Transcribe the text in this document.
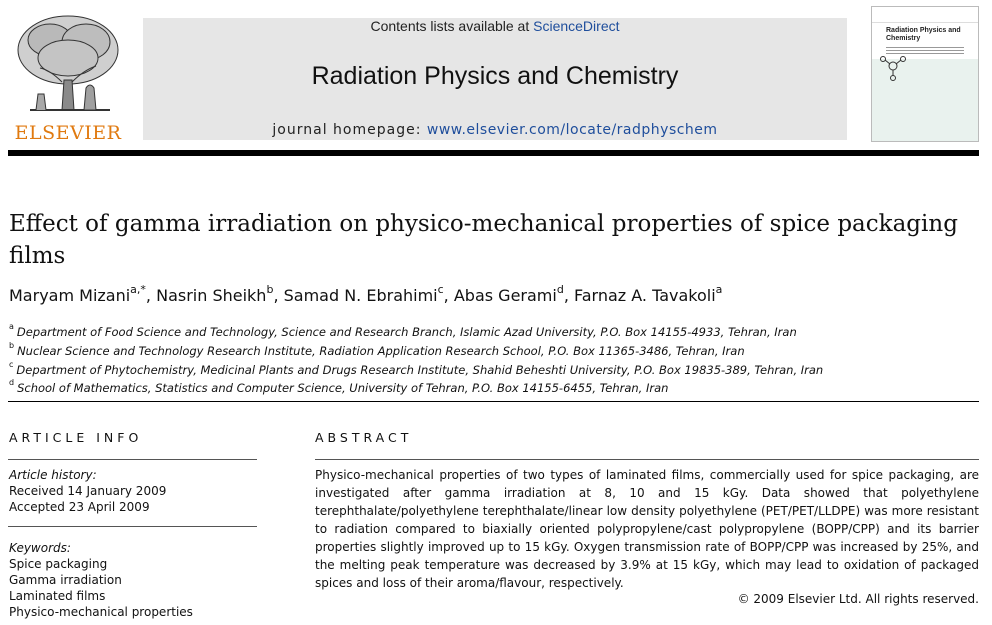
ELSEVIER
Contents lists available at ScienceDirect
Radiation Physics and Chemistry
journal homepage: www.elsevier.com/locate/radphyschem
Radiation Physics and Chemistry
Effect of gamma irradiation on physico-mechanical properties of spice packaging films
Maryam Mizani$^{a,*}$, Nasrin Sheikh$^b$, Samad N. Ebrahimi$^c$, Abas Gerami$^d$, Farnaz A. Tavakoli$^a$
$^a$ Department of Food Science and Technology, Science and Research Branch, Islamic Azad University, P.O. Box 14155-4933, Tehran, Iran
$^b$ Nuclear Science and Technology Research Institute, Radiation Application Research School, P.O. Box 11365-3486, Tehran, Iran
$^c$ Department of Phytochemistry, Medicinal Plants and Drugs Research Institute, Shahid Beheshti University, P.O. Box 19835-389, Tehran, Iran
$^d$ School of Mathematics, Statistics and Computer Science, University of Tehran, P.O. Box 14155-6455, Tehran, Iran
ARTICLE INFO
Article history:
Received 14 January 2009
Accepted 23 April 2009
Keywords:
Spice packaging
Gamma irradiation
Laminated films
Physico-mechanical properties
ABSTRACT

Physico-mechanical properties of two types of laminated films, commercially used for spice packaging, are investigated after gamma irradiation at 8, 10 and 15 kGy. Data showed that polyethylene terephthalate/polyethylene terephthalate/linear low density polyethylene (PET/PET/LLDPE) was more resistant to radiation compared to biaxially oriented polypropylene/cast polypropylene (BOPP/CPP) and its barrier properties slightly improved up to 15 kGy. Oxygen transmission rate of BOPP/CPP was increased by 25%, and the melting peak temperature was decreased by 3.9% at 15 kGy, which may lead to oxidation of packaged spices and loss of their aroma/flavour, respectively.

© 2009 Elsevier Ltd. All rights reserved.
